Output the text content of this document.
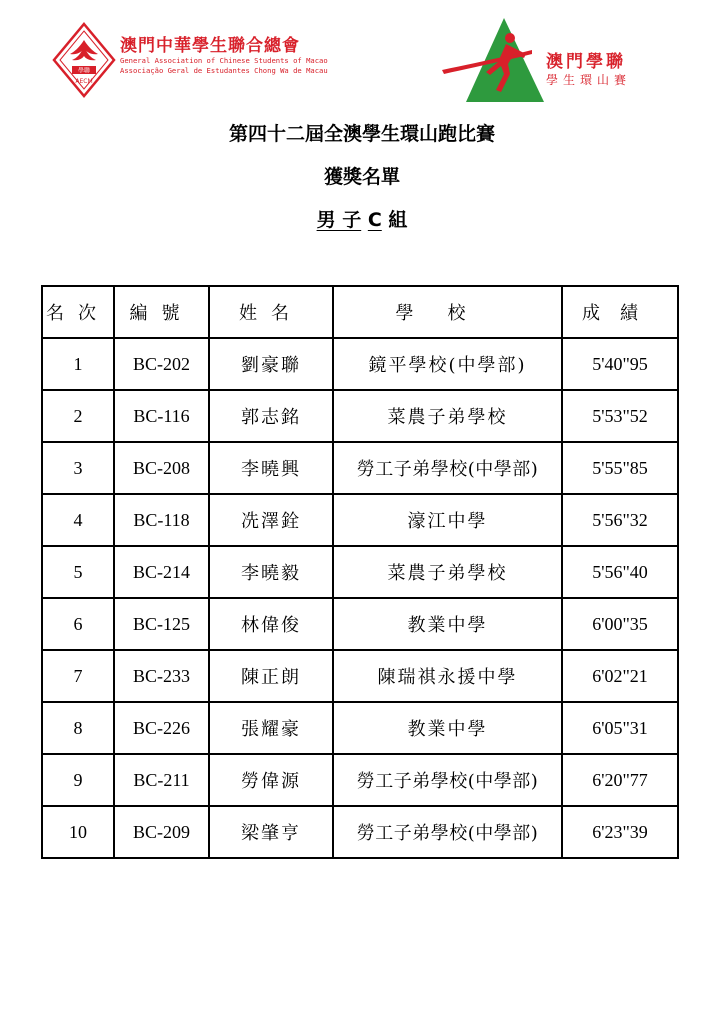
學聯
AECM
澳門中華學生聯合總會
General Association of Chinese Students of Macao
Associação Geral de Estudantes Chong Wa de Macau	澳門學聯
學生環山賽
第四十二屆全澳學生環山跑比賽
獲獎名單
男 子 C 組
名次	編號	姓名	學校	成績
1	BC-202	劉豪聯	鏡平學校(中學部)	5'40"95
2	BC-116	郭志銘	菜農子弟學校	5'53"52
3	BC-208	李曉興	勞工子弟學校(中學部)	5'55"85
4	BC-118	冼澤銓	濠江中學	5'56"32
5	BC-214	李曉毅	菜農子弟學校	5'56"40
6	BC-125	林偉俊	教業中學	6'00"35
7	BC-233	陳正朗	陳瑞祺永援中學	6'02"21
8	BC-226	張耀豪	教業中學	6'05"31
9	BC-211	勞偉源	勞工子弟學校(中學部)	6'20"77
10	BC-209	梁肇亨	勞工子弟學校(中學部)	6'23"39
